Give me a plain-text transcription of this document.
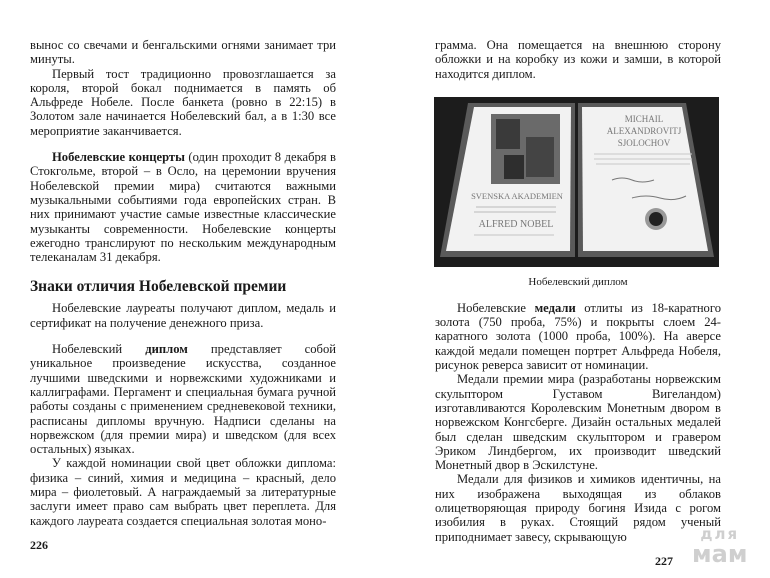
вынос со свечами и бенгальскими огнями занимает три минуты.

Первый тост традиционно провозглашается за короля, второй бокал поднимается в память об Альфреде Нобеле. После банкета (ровно в 22:15) в Золотом зале начинается Нобелевский бал, а в 1:30 все мероприятие заканчивается.

Нобелевские концерты (один проходит 8 декабря в Стокгольме, второй – в Осло, на церемонии вручения Нобелевской премии мира) считаются важными музыкальными событиями года европейских стран. В них принимают участие самые известные классические музыканты современности. Нобелевские концерты ежегодно транслируют по нескольким международным телеканалам 31 декабря.

Знаки отличия Нобелевской премии

Нобелевские лауреаты получают диплом, медаль и сертификат на получение денежного приза.

Нобелевский диплом представляет собой уникальное произведение искусства, созданное лучшими шведскими и норвежскими художниками и каллиграфами. Пергамент и специальная бумага ручной работы созданы с применением средневековой техники, расписаны дипломы вручную. Надписи сделаны на норвежском (для премии мира) и шведском (для всех остальных) языках.

У каждой номинации свой цвет обложки диплома: физика – синий, химия и медицина – красный, дело мира – фиолетовый. А награждаемый за литературные заслуги имеет право сам выбрать цвет переплета. Для каждого лауреата создается специальная золотая моно-

226

грамма. Она помещается на внешнюю сторону обложки и на коробку из кожи и замши, в которой находится диплом.

SVENSKA AKADEMIEN
ALFRED NOBEL
MICHAIL
ALEXANDROVITJ
SJOLOCHOV
Нобелевский диплом

Нобелевские медали отлиты из 18-каратного золота (750 проба, 75%) и покрыты слоем 24-каратного золота (1000 проба, 100%). На аверсе каждой медали помещен портрет Альфреда Нобеля, рисунок реверса зависит от номинации.

Медали премии мира (разработаны норвежским скульптором Густавом Вигеландом) изготавливаются Королевским Монетным двором в норвежском Конгсберге. Дизайн остальных медалей был сделан шведским скульптором и гравером Эриком Линдбергом, их производит шведский Монетный двор в Эскилстуне.

Медали для физиков и химиков идентичны, на них изображена выходящая из облаков олицетворяющая природу богиня Изида с рогом изобилия в руках. Стоящий рядом ученый приподнимает завесу, скрывающую

227
для
мам
